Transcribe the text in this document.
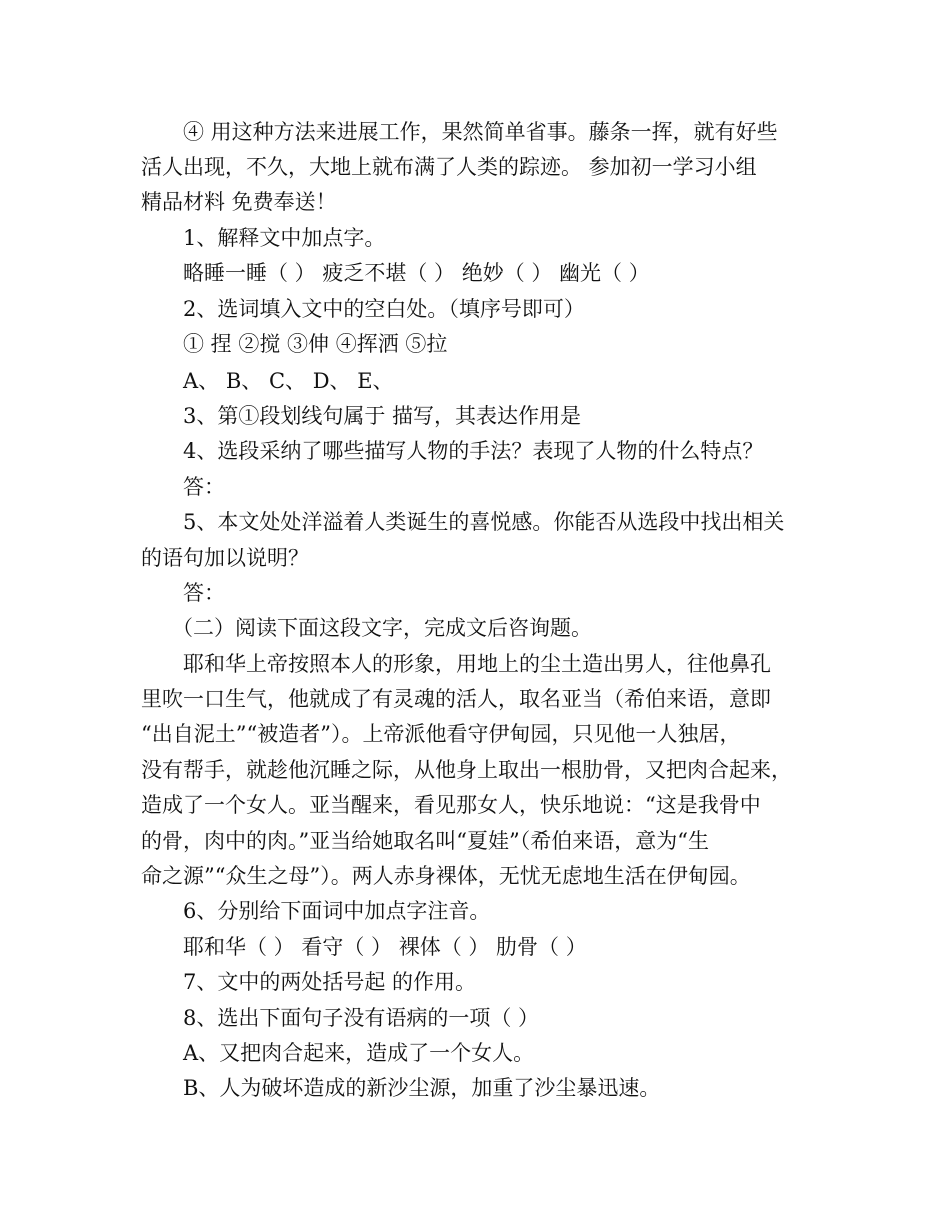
④ 用这种方法来进展工作，果然简单省事。藤条一挥，就有好些
活人出现，不久，大地上就布满了人类的踪迹。 参加初一学习小组
精品材料 免费奉送！
1、解释文中加点字。
略睡一睡（ ） 疲乏不堪（ ） 绝妙（ ） 幽光（ ）
2、选词填入文中的空白处。（填序号即可）
① 捏 ②搅 ③伸 ④挥洒 ⑤拉
A、 B、 C、 D、 E、
3、第①段划线句属于 描写，其表达作用是
4、选段采纳了哪些描写人物的手法？表现了人物的什么特点？
答：
5、本文处处洋溢着人类诞生的喜悦感。你能否从选段中找出相关
的语句加以说明？
答：
（二）阅读下面这段文字，完成文后咨询题。
耶和华上帝按照本人的形象，用地上的尘土造出男人，往他鼻孔
里吹一口生气，他就成了有灵魂的活人，取名亚当（希伯来语，意即
“出自泥土”“被造者”）。上帝派他看守伊甸园，只见他一人独居，
没有帮手，就趁他沉睡之际，从他身上取出一根肋骨，又把肉合起来，
造成了一个女人。亚当醒来，看见那女人，快乐地说：“这是我骨中
的骨，肉中的肉。”亚当给她取名叫“夏娃”（希伯来语，意为“生
命之源”“众生之母”）。两人赤身裸体，无忧无虑地生活在伊甸园。
6、分别给下面词中加点字注音。
耶和华（ ） 看守（ ） 裸体（ ） 肋骨（ ）
7、文中的两处括号起 的作用。
8、选出下面句子没有语病的一项（ ）
A、又把肉合起来，造成了一个女人。
B、人为破坏造成的新沙尘源，加重了沙尘暴迅速。
